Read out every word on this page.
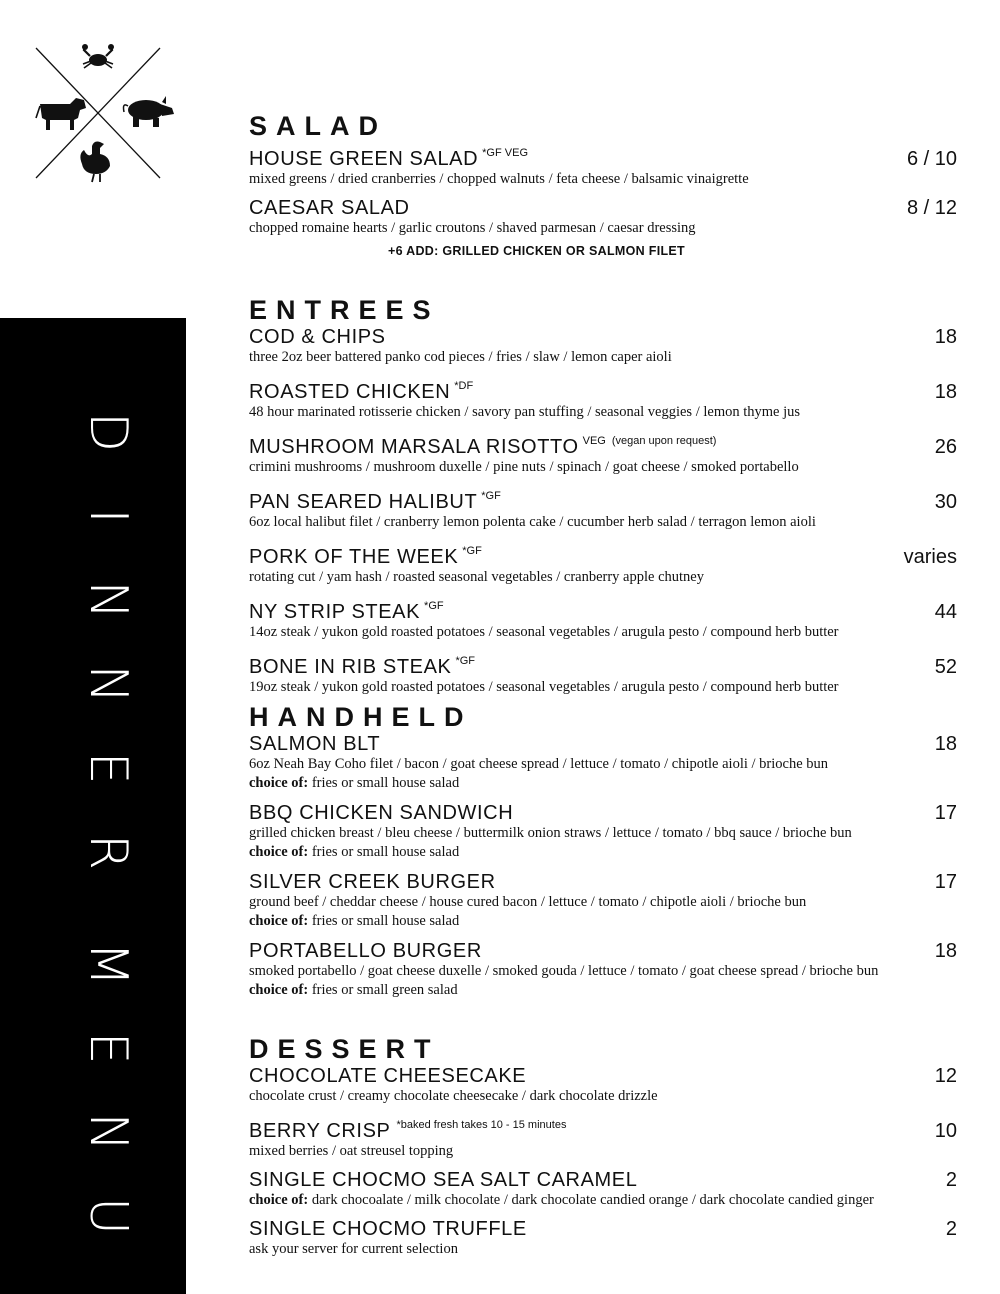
D
I
N
N
E
R
M
E
N
U
SALAD
HOUSE GREEN SALAD $^{*GF VEG}$	6 / 10
mixed greens / dried cranberries / chopped walnuts / feta cheese / balsamic vinaigrette
CAESAR SALAD	8 / 12
chopped romaine hearts / garlic croutons / shaved parmesan / caesar dressing
+6 ADD: GRILLED CHICKEN OR SALMON FILET
ENTREES
COD & CHIPS	18
three 2oz beer battered panko cod pieces / fries / slaw / lemon caper aioli
ROASTED CHICKEN $^{*DF}$	18
48 hour marinated rotisserie chicken / savory pan stuffing / seasonal veggies / lemon thyme jus
MUSHROOM MARSALA RISOTTO $^{VEG}$ $^{(vegan upon request)}$	26
crimini mushrooms / mushroom duxelle / pine nuts / spinach / goat cheese / smoked portabello
PAN SEARED HALIBUT $^{*GF}$	30
6oz local halibut filet / cranberry lemon polenta cake / cucumber herb salad / terragon lemon aioli
PORK OF THE WEEK $^{*GF}$	varies
rotating cut / yam hash / roasted seasonal vegetables / cranberry apple chutney
NY STRIP STEAK $^{*GF}$	44
14oz steak / yukon gold roasted potatoes / seasonal vegetables / arugula pesto / compound herb butter
BONE IN RIB STEAK $^{*GF}$	52
19oz steak / yukon gold roasted potatoes / seasonal vegetables / arugula pesto / compound herb butter
HANDHELD
SALMON BLT	18
6oz Neah Bay Coho filet / bacon / goat cheese spread / lettuce / tomato / chipotle aioli / brioche bun
choice of: fries or small house salad
BBQ CHICKEN SANDWICH	17
grilled chicken breast / bleu cheese / buttermilk onion straws / lettuce / tomato / bbq sauce / brioche bun
choice of: fries or small house salad
SILVER CREEK BURGER	17
ground beef / cheddar cheese / house cured bacon / lettuce / tomato / chipotle aioli / brioche bun
choice of: fries or small house salad
PORTABELLO BURGER	18
smoked portabello / goat cheese duxelle / smoked gouda / lettuce / tomato / goat cheese spread / brioche bun
choice of: fries or small green salad
DESSERT
CHOCOLATE CHEESECAKE	12
chocolate crust / creamy chocolate cheesecake / dark chocolate drizzle
BERRY CRISP $^{*baked fresh takes 10 - 15 minutes}$	10
mixed berries / oat streusel topping
SINGLE CHOCMO SEA SALT CARAMEL	2
choice of: dark chocoalate / milk chocolate / dark chocolate candied orange / dark chocolate candied ginger
SINGLE CHOCMO TRUFFLE	2
ask your server for current selection
